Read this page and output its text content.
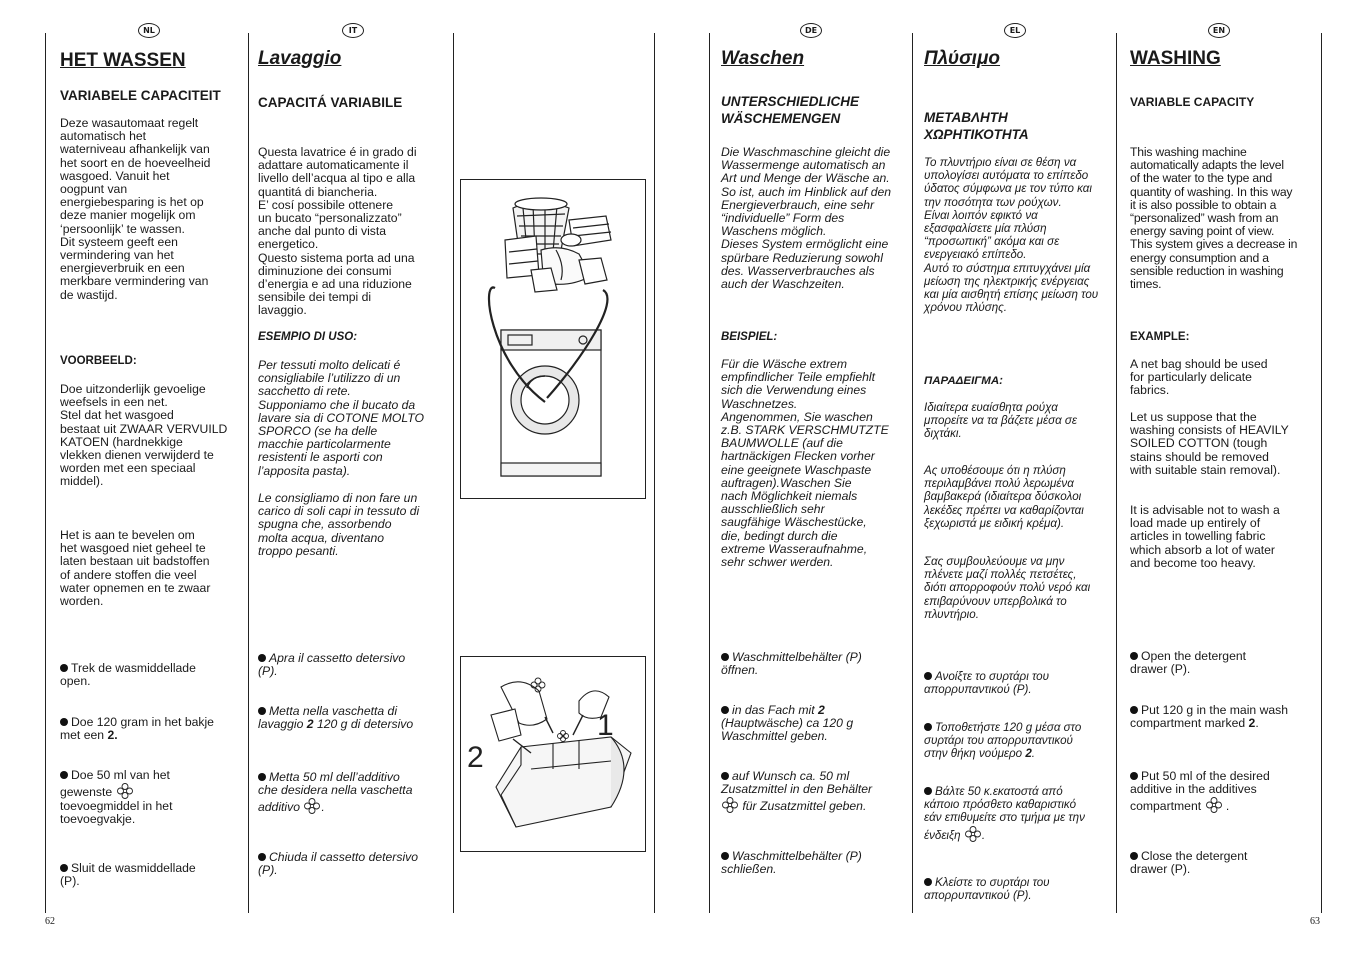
NL	IT	DE	EL	EN
HET WASSEN
VARIABELE CAPACITEIT
Deze wasautomaat regelt
automatisch het
waterniveau afhankelijk van
het soort en de hoeveelheid
wasgoed. Vanuit het
oogpunt van
energiebesparing is het op
deze manier mogelijk om
‘persoonlijk’ te wassen.
Dit systeem geeft een
vermindering van het
energieverbruik en een
merkbare vermindering van
de wastijd.
VOORBEELD:
Doe uitzonderlijk gevoelige
weefsels in een net.
Stel dat het wasgoed
bestaat uit ZWAAR VERVUILD
KATOEN (hardnekkige
vlekken dienen verwijderd te
worden met een speciaal
middel).
Het is aan te bevelen om
het wasgoed niet geheel te
laten bestaan uit badstoffen
of andere stoffen die veel
water opnemen en te zwaar
worden.
Trek de wasmiddellade
open.
Doe 120 gram in het bakje
met een 2.
Doe 50 ml van het
gewenste
toevoegmiddel in het
toevoegvakje.
Sluit de wasmiddellade
(P).
Lavaggio
CAPACITÁ VARIABILE
Questa lavatrice é in grado di
adattare automaticamente il
livello dell’acqua al tipo e alla
quantitá di biancheria.
E’ cosí possibile ottenere
un bucato “personalizzato”
anche dal punto di vista
energetico.
Questo sistema porta ad una
diminuzione dei consumi
d’energia e ad una riduzione
sensibile dei tempi di
lavaggio.
ESEMPIO DI USO:
Per tessuti molto delicati é
consigliabile l’utilizzo di un
sacchetto di rete.
Supponiamo che il bucato da
lavare sia di COTONE MOLTO
SPORCO (se ha delle
macchie particolarmente
resistenti le asporti con
l’apposita pasta).
Le consigliamo di non fare un
carico di soli capi in tessuto di
spugna che, assorbendo
molta acqua, diventano
troppo pesanti.
Apra il cassetto detersivo
(P).
Metta nella vaschetta di
lavaggio 2 120 g di detersivo
Metta 50 ml dell’additivo
che desidera nella vaschetta
additivo .
Chiuda il cassetto detersivo
(P).
1
2
Waschen
UNTERSCHIEDLICHE
WÄSCHEMENGEN
Die Waschmaschine gleicht die
Wassermenge automatisch an
Art und Menge der Wäsche an.
So ist, auch im Hinblick auf den
Energieverbrauch, eine sehr
“individuelle” Form des
Waschens möglich.
Dieses System ermöglicht eine
spürbare Reduzierung sowohl
des. Wasserverbrauches als
auch der Waschzeiten.
BEISPIEL:
Für die Wäsche extrem
empfindlicher Teile empfiehlt
sich die Verwendung eines
Waschnetzes.
Angenommen, Sie waschen
z.B. STARK VERSCHMUTZTE
BAUMWOLLE (auf die
hartnäckigen Flecken vorher
eine geeignete Waschpaste
auftragen).Waschen Sie
nach Möglichkeit niemals
ausschließlich sehr
saugfähige Wäschestücke,
die, bedingt durch die
extreme Wasseraufnahme,
sehr schwer werden.
Waschmittelbehälter (P)
öffnen.
in das Fach mit 2
(Hauptwäsche) ca 120 g
Waschmittel geben.
auf Wunsch ca. 50 ml
Zusatzmittel in den Behälter
für Zusatzmittel geben.
Waschmittelbehälter (P)
schließen.
Πλύσιμο
ΜΕΤΑΒΛΗΤΗ
ΧΩΡΗΤΙΚΟΤΗΤΑ
Το πλυντήριο είναι σε θέση να
υπολογίσει αυτόματα το επίπεδο
ύδατος σύμφωνα με τον τύπο και
την ποσότητα των ρούχων.
Είναι λοιπόν εφικτό να
εξασφαλίσετε μία πλύση
“προσωπική” ακόμα και σε
ενεργειακό επίπεδο.
Αυτό το σύστημα επιτυγχάνει μία
μείωση της ηλεκτρικής ενέργειας
και μία αισθητή επίσης μείωση του
χρόνου πλύσης.
ΠΑΡΑΔΕΙΓΜΑ:
Ιδιαίτερα ευαίσθητα ρούχα
μπορείτε να τα βάζετε μέσα σε
διχτάκι.
Ας υποθέσουμε ότι η πλύση
περιλαμβάνει πολύ λερωμένα
βαμβακερά (ιδιαίτερα δύσκολοι
λεκέδες πρέπει να καθαρίζονται
ξεχωριστά με ειδική κρέμα).
Σας συμβουλεύουμε να μην
πλένετε μαζί πολλές πετσέτες,
διότι απορροφούν πολύ νερό και
επιβαρύνουν υπερβολικά το
πλυντήριο.
Ανοίξτε το συρτάρι του
απορρυπαντικού (P).
Τοποθετήστε 120 g μέσα στο
συρτάρι του απορρυπαντικού
στην θήκη νούμερο 2.
Βάλτε 50 κ.εκατοστά από
κάποιο πρόσθετο καθαριστικό
εάν επιθυμείτε στο τμήμα με την
ένδειξη .
Κλείστε το συρτάρι του
απορρυπαντικού (P).
WASHING
VARIABLE CAPACITY
This washing machine
automatically adapts the level
of the water to the type and
quantity of washing. In this way
it is also possible to obtain a
“personalized” wash from an
energy saving point of view.
This system gives a decrease in
energy consumption and a
sensible reduction in washing
times.
EXAMPLE:
A net bag should be used
for particularly delicate
fabrics.
Let us suppose that the
washing consists of HEAVILY
SOILED COTTON (tough
stains should be removed
with suitable stain removal).
It is advisable not to wash a
load made up entirely of
articles in towelling fabric
which absorb a lot of water
and become too heavy.
Open the detergent
drawer (P).
Put 120 g in the main wash
compartment marked 2.
Put 50 ml of the desired
additive in the additives
compartment  .
Close the detergent
drawer (P).
62	63
